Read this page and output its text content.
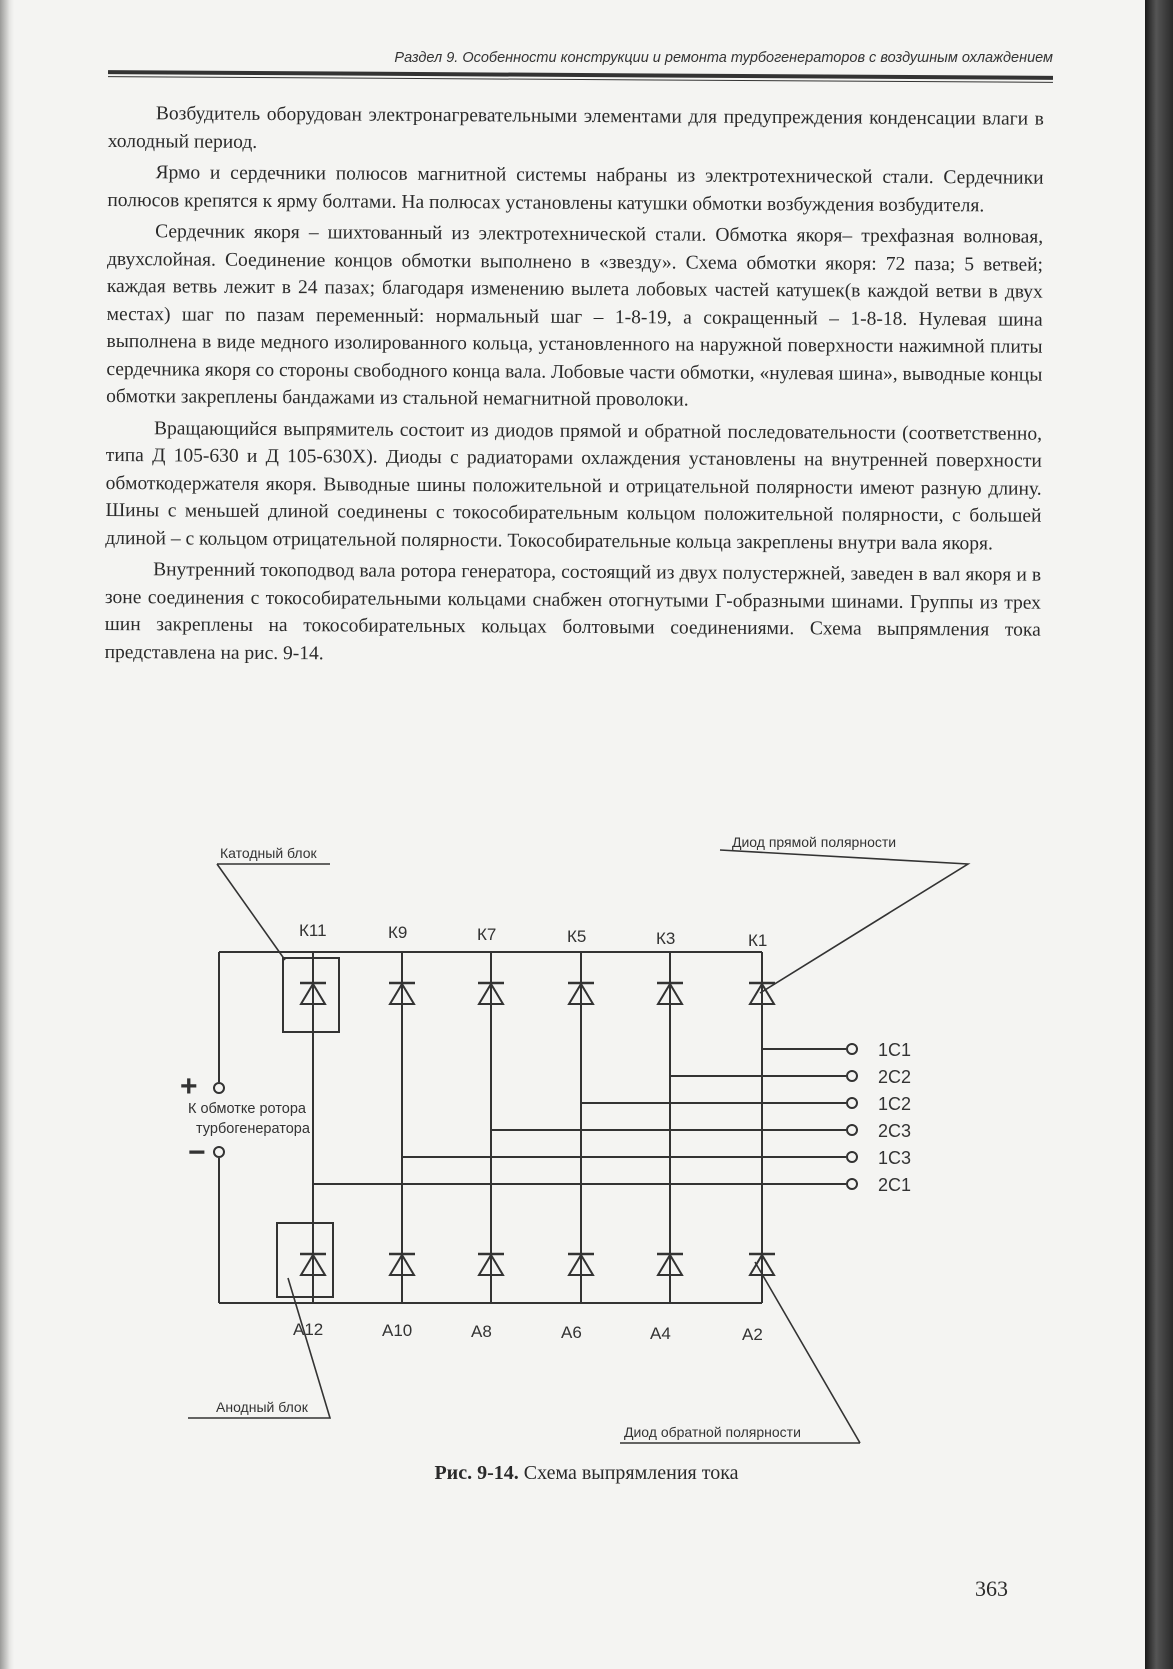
Раздел 9. Особенности конструкции и ремонта турбогенераторов с воздушным охлаждением

Возбудитель оборудован электронагревательными элементами для предупреждения конденсации влаги в холодный период.

Ярмо и сердечники полюсов магнитной системы набраны из электротехнической стали. Сердечники полюсов крепятся к ярму болтами. На полюсах установлены катушки обмотки возбуждения возбудителя.

Сердечник якоря – шихтованный из электротехнической стали. Обмотка якоря– трехфазная волновая, двухслойная. Соединение концов обмотки выполнено в «звезду». Схема обмотки якоря: 72 паза; 5 ветвей; каждая ветвь лежит в 24 пазах; благодаря изменению вылета лобовых частей катушек(в каждой ветви в двух местах) шаг по пазам переменный: нормальный шаг – 1-8-19, а сокращенный – 1-8-18. Нулевая шина выполнена в виде медного изолированного кольца, установленного на наружной поверхности нажимной плиты сердечника якоря со стороны свободного конца вала. Лобовые части обмотки, «нулевая шина», выводные концы обмотки закреплены бандажами из стальной немагнитной проволоки.

Вращающийся выпрямитель состоит из диодов прямой и обратной последовательности (соответственно, типа Д 105-630 и Д 105-630Х). Диоды с радиаторами охлаждения установлены на внутренней поверхности обмоткодержателя якоря. Выводные шины положительной и отрицательной полярности имеют разную длину. Шины с меньшей длиной соединены с токособирательным кольцом положительной полярности, с большей длиной – с кольцом отрицательной полярности. Токособирательные кольца закреплены внутри вала якоря.

Внутренний токоподвод вала ротора генератора, состоящий из двух полустержней, заведен в вал якоря и в зоне соединения с токособирательными кольцами снабжен отогнутыми Г-образными шинами. Группы из трех шин закреплены на токособирательных кольцах болтовыми соединениями. Схема выпрямления тока представлена на рис. 9-14.

Катодный блок
Диод прямой полярности
Анодный блок
Диод обратной полярности
К обмотке ротора
турбогенератора
+
−
К11	К9	К7	К5	К3	К1
А12	А10	А8	А6	А4	А2
1С1
2С2
1С2
2С3
1С3
2С1
Рис. 9-14. Схема выпрямления тока
363
